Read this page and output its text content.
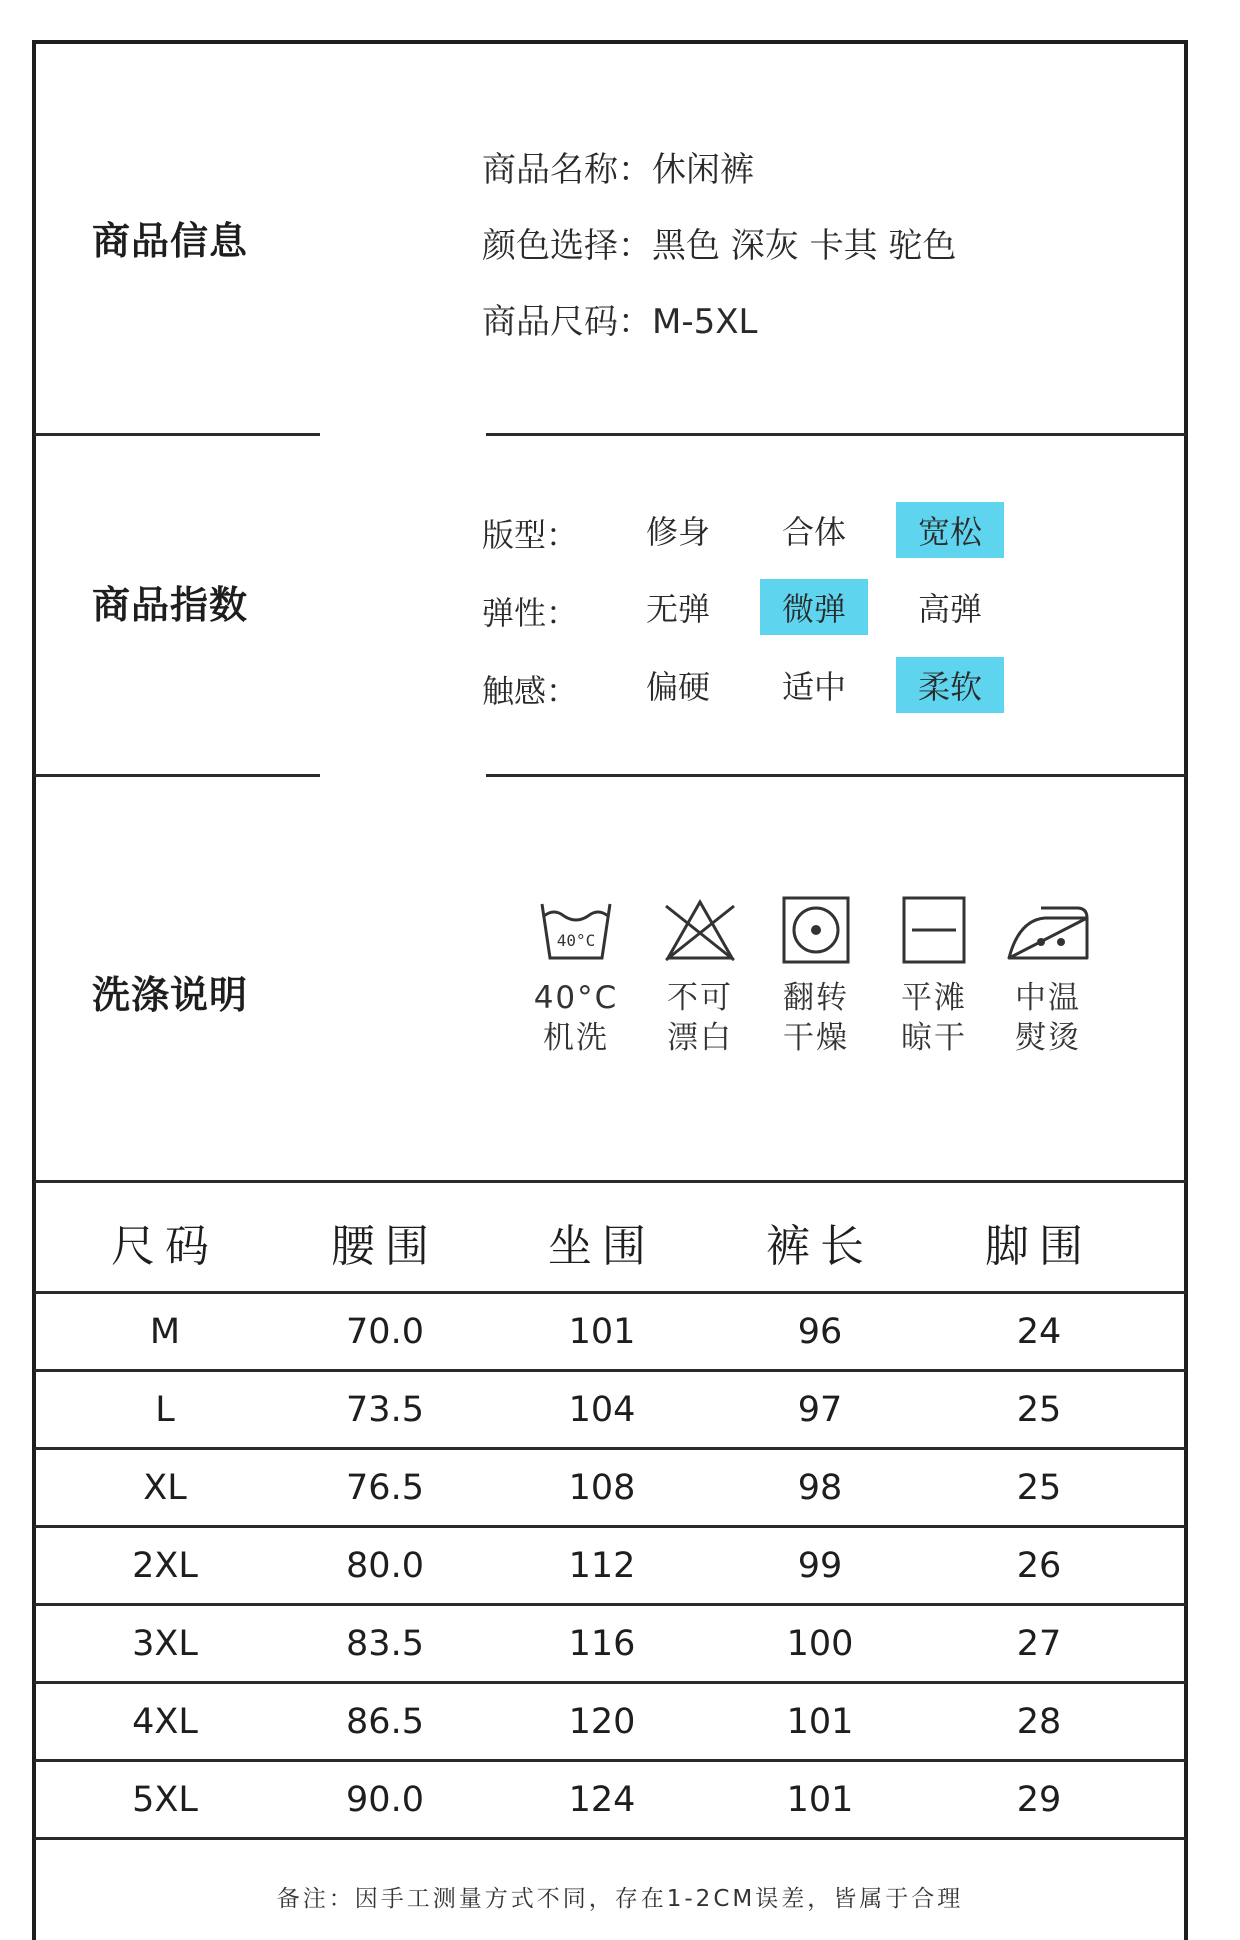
商品信息
商品名称：休闲裤
颜色选择：黑色 深灰 卡其 驼色
商品尺码：M-5XL
商品指数
版型：	修身	合体	宽松
弹性：	无弹	微弹	高弹
触感：	偏硬	适中	柔软
洗涤说明
40°C
40°C
机洗
不可
漂白
翻转
干燥
平滩
晾干
中温
熨烫
尺码	腰围	坐围	裤长	脚围
M	70.0	101	96	24
L	73.5	104	97	25
XL	76.5	108	98	25
2XL	80.0	112	99	26
3XL	83.5	116	100	27
4XL	86.5	120	101	28
5XL	90.0	124	101	29
备注：因手工测量方式不同，存在1-2CM误差，皆属于合理
